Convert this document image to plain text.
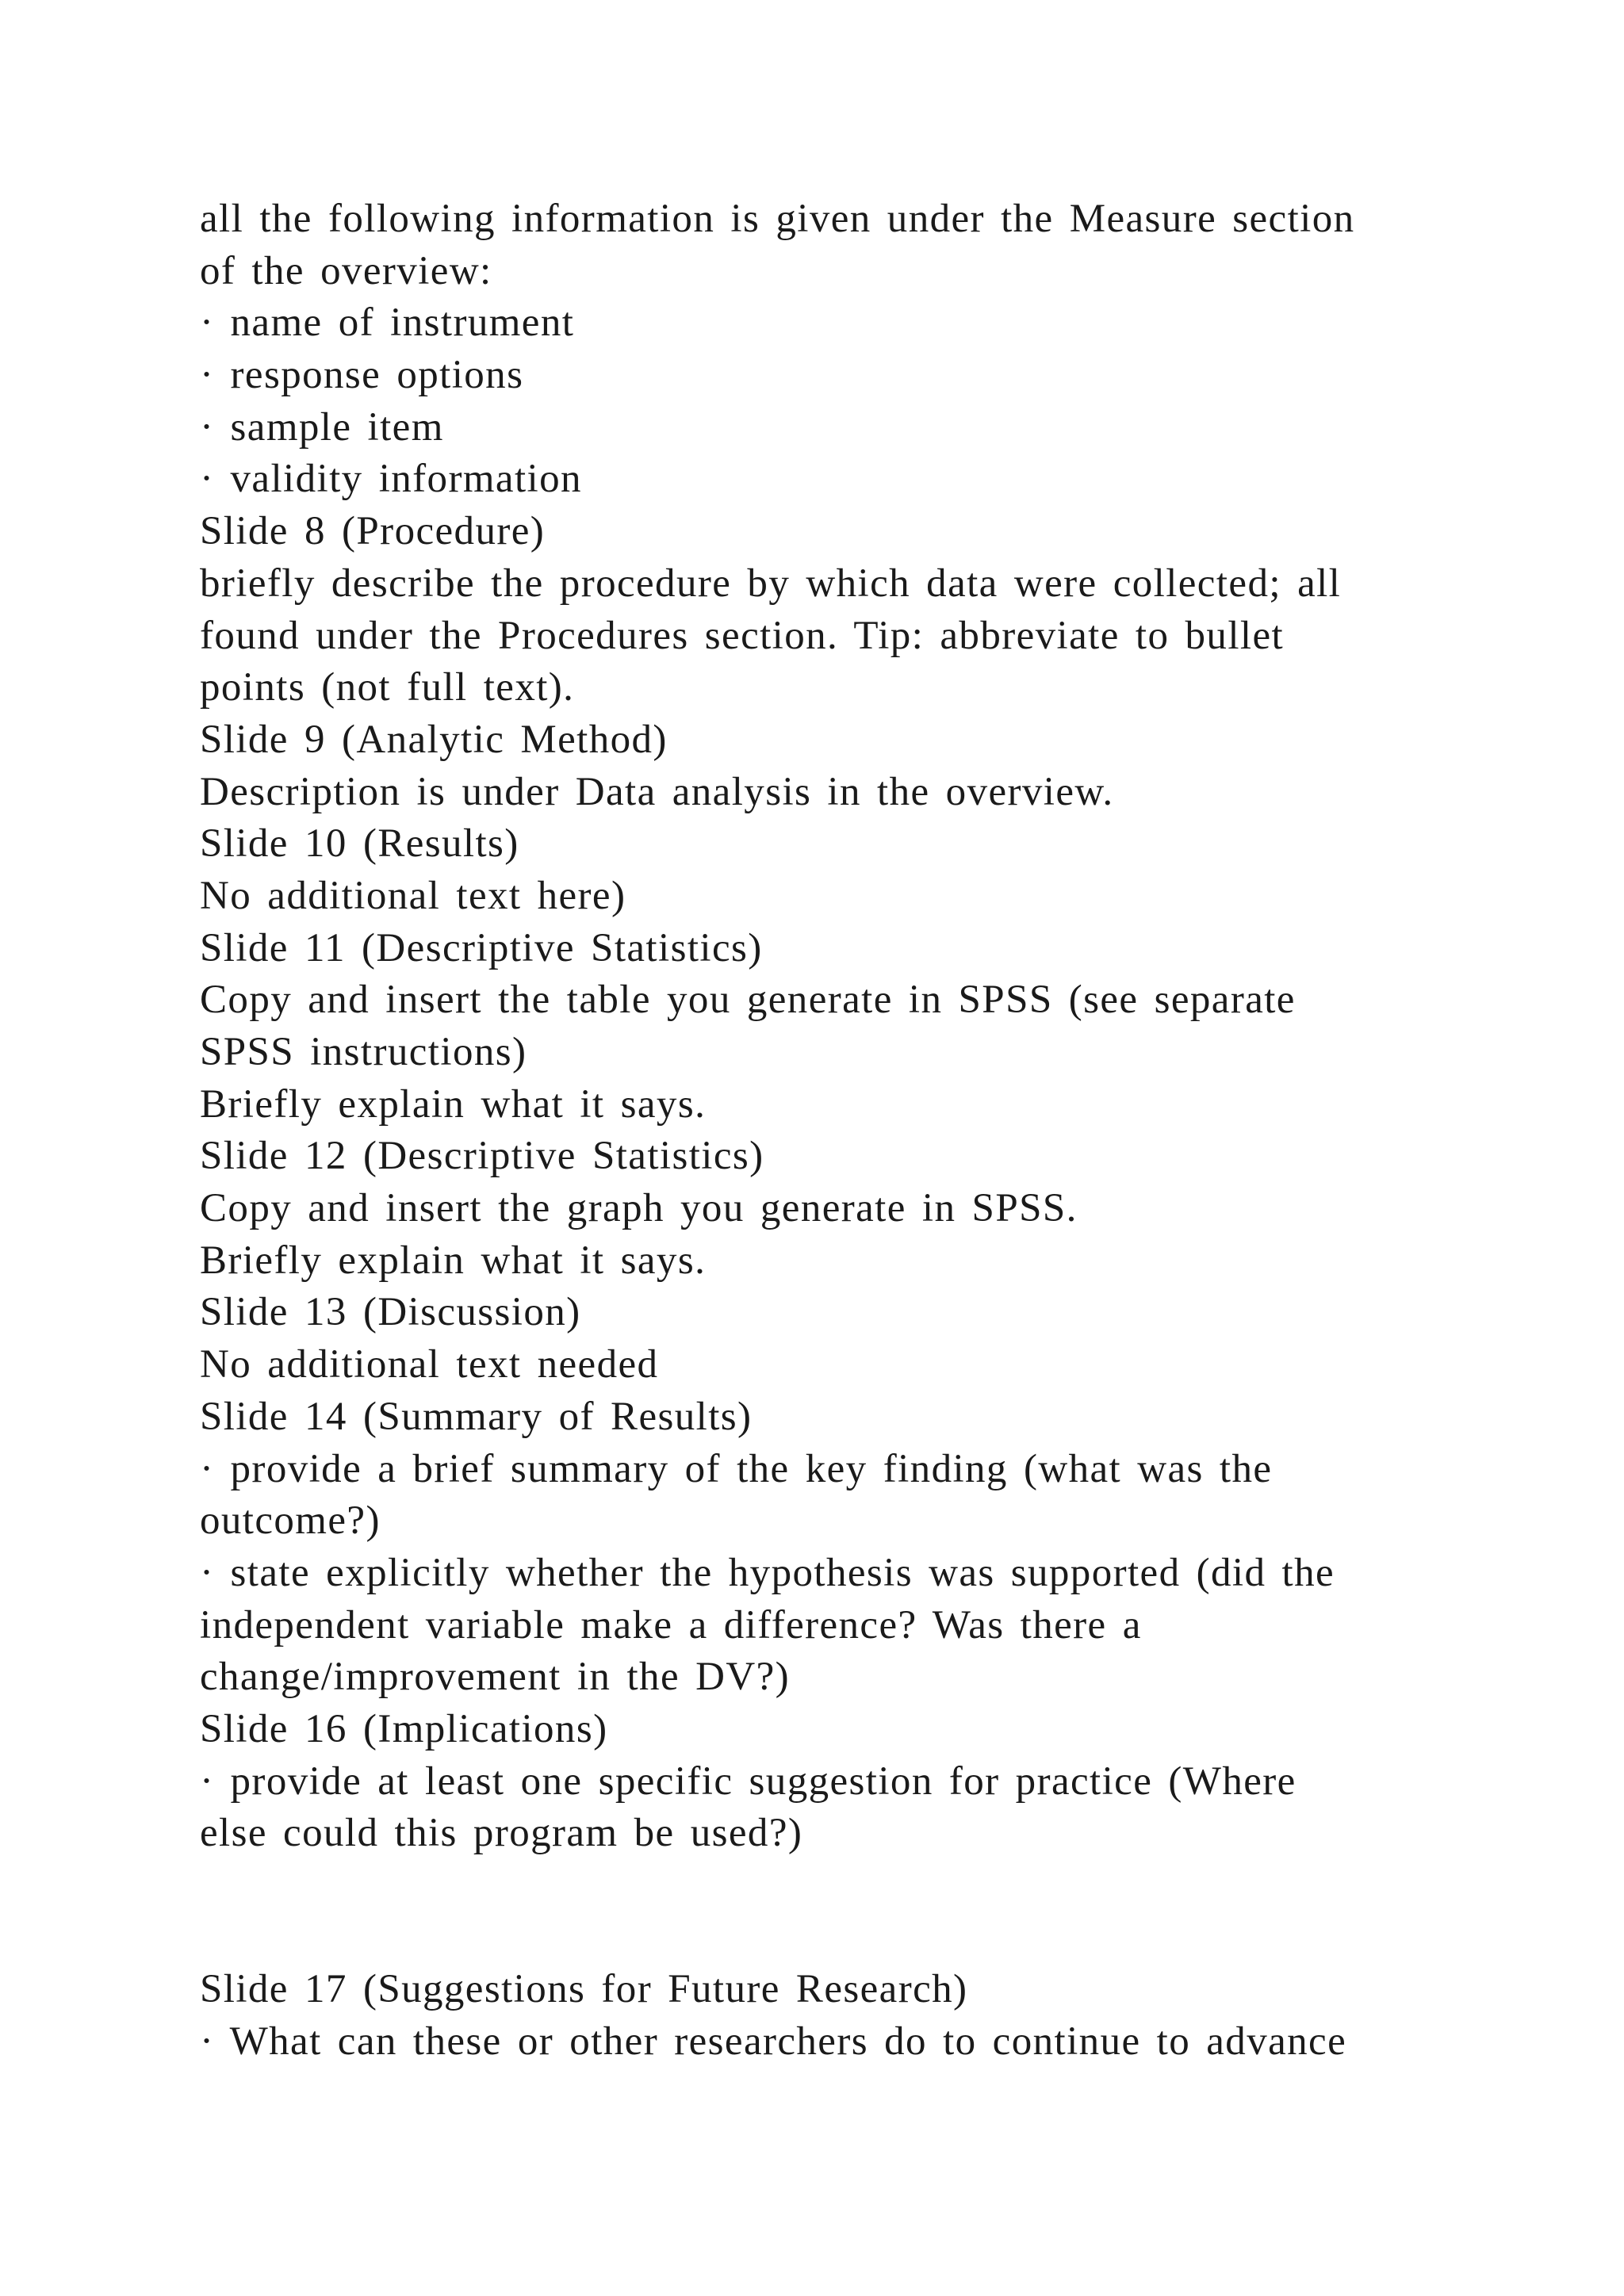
all the following information is given under the Measure section
of the overview:
· name of instrument
· response options
· sample item
· validity information
Slide 8 (Procedure)
briefly describe the procedure by which data were collected; all
found under the Procedures section. Tip: abbreviate to bullet
points (not full text).
Slide 9 (Analytic Method)
Description is under Data analysis in the overview.
Slide 10 (Results)
No additional text here)
Slide 11 (Descriptive Statistics)
Copy and insert the table you generate in SPSS (see separate
SPSS instructions)
Briefly explain what it says.
Slide 12 (Descriptive Statistics)
Copy and insert the graph you generate in SPSS.
Briefly explain what it says.
Slide 13 (Discussion)
No additional text needed
Slide 14 (Summary of Results)
· provide a brief summary of the key finding (what was the
outcome?)
· state explicitly whether the hypothesis was supported (did the
independent variable make a difference? Was there a
change/improvement in the DV?)
Slide 16 (Implications)
· provide at least one specific suggestion for practice (Where
else could this program be used?)
Slide 17 (Suggestions for Future Research)
· What can these or other researchers do to continue to advance
